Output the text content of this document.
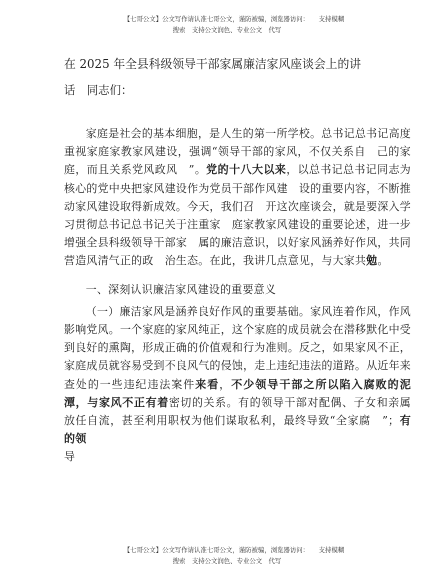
【七哥公文】公文写作请认准七哥公文，谨防被骗，浏览器访问：　　支持模糊
搜索　支持公文润色、专业公文　代写
在 2025 年全县科级领导干部家属廉洁家风座谈会上的讲
话　同志们：

家庭是社会的基本细胞，是人生的第一所学校。总书记总书记高度重视家庭家教家风建设，强调“领导干部的家风，不仅关系自　己的家庭，而且关系党风政风　”。党的十八大以来，以总书记总书记同志为核心的党中央把家风建设作为党员干部作风建　设的重要内容，不断推动家风建设取得新成效。今天，我们召　开这次座谈会，就是要深入学习贯彻总书记总书记关于注重家　庭家教家风建设的重要论述，进一步增强全县科级领导干部家　属的廉洁意识，以好家风涵养好作风，共同营造风清气正的政　治生态。在此，我讲几点意见，与大家共勉。

一、深刻认识廉洁家风建设的重要意义

（一）廉洁家风是涵养良好作风的重要基础。家风连着作风，作风影响党风。一个家庭的家风纯正，这个家庭的成员就会在潜移默化中受到良好的熏陶，形成正确的价值观和行为准则。反之，如果家风不正，家庭成员就容易受到不良风气的侵蚀，走上违纪违法的道路。从近年来查处的一些违纪违法案件来看，不少领导干部之所以陷入腐败的泥潭，与家风不正有着密切的关系。有的领导干部对配偶、子女和亲属放任自流，甚至利用职权为他们谋取私利，最终导致“全家腐　”；有的领

导

【七哥公文】公文写作请认准七哥公文，谨防被骗，浏览器访问：　　支持模糊
搜索　支持公文润色、专业公文　代写
